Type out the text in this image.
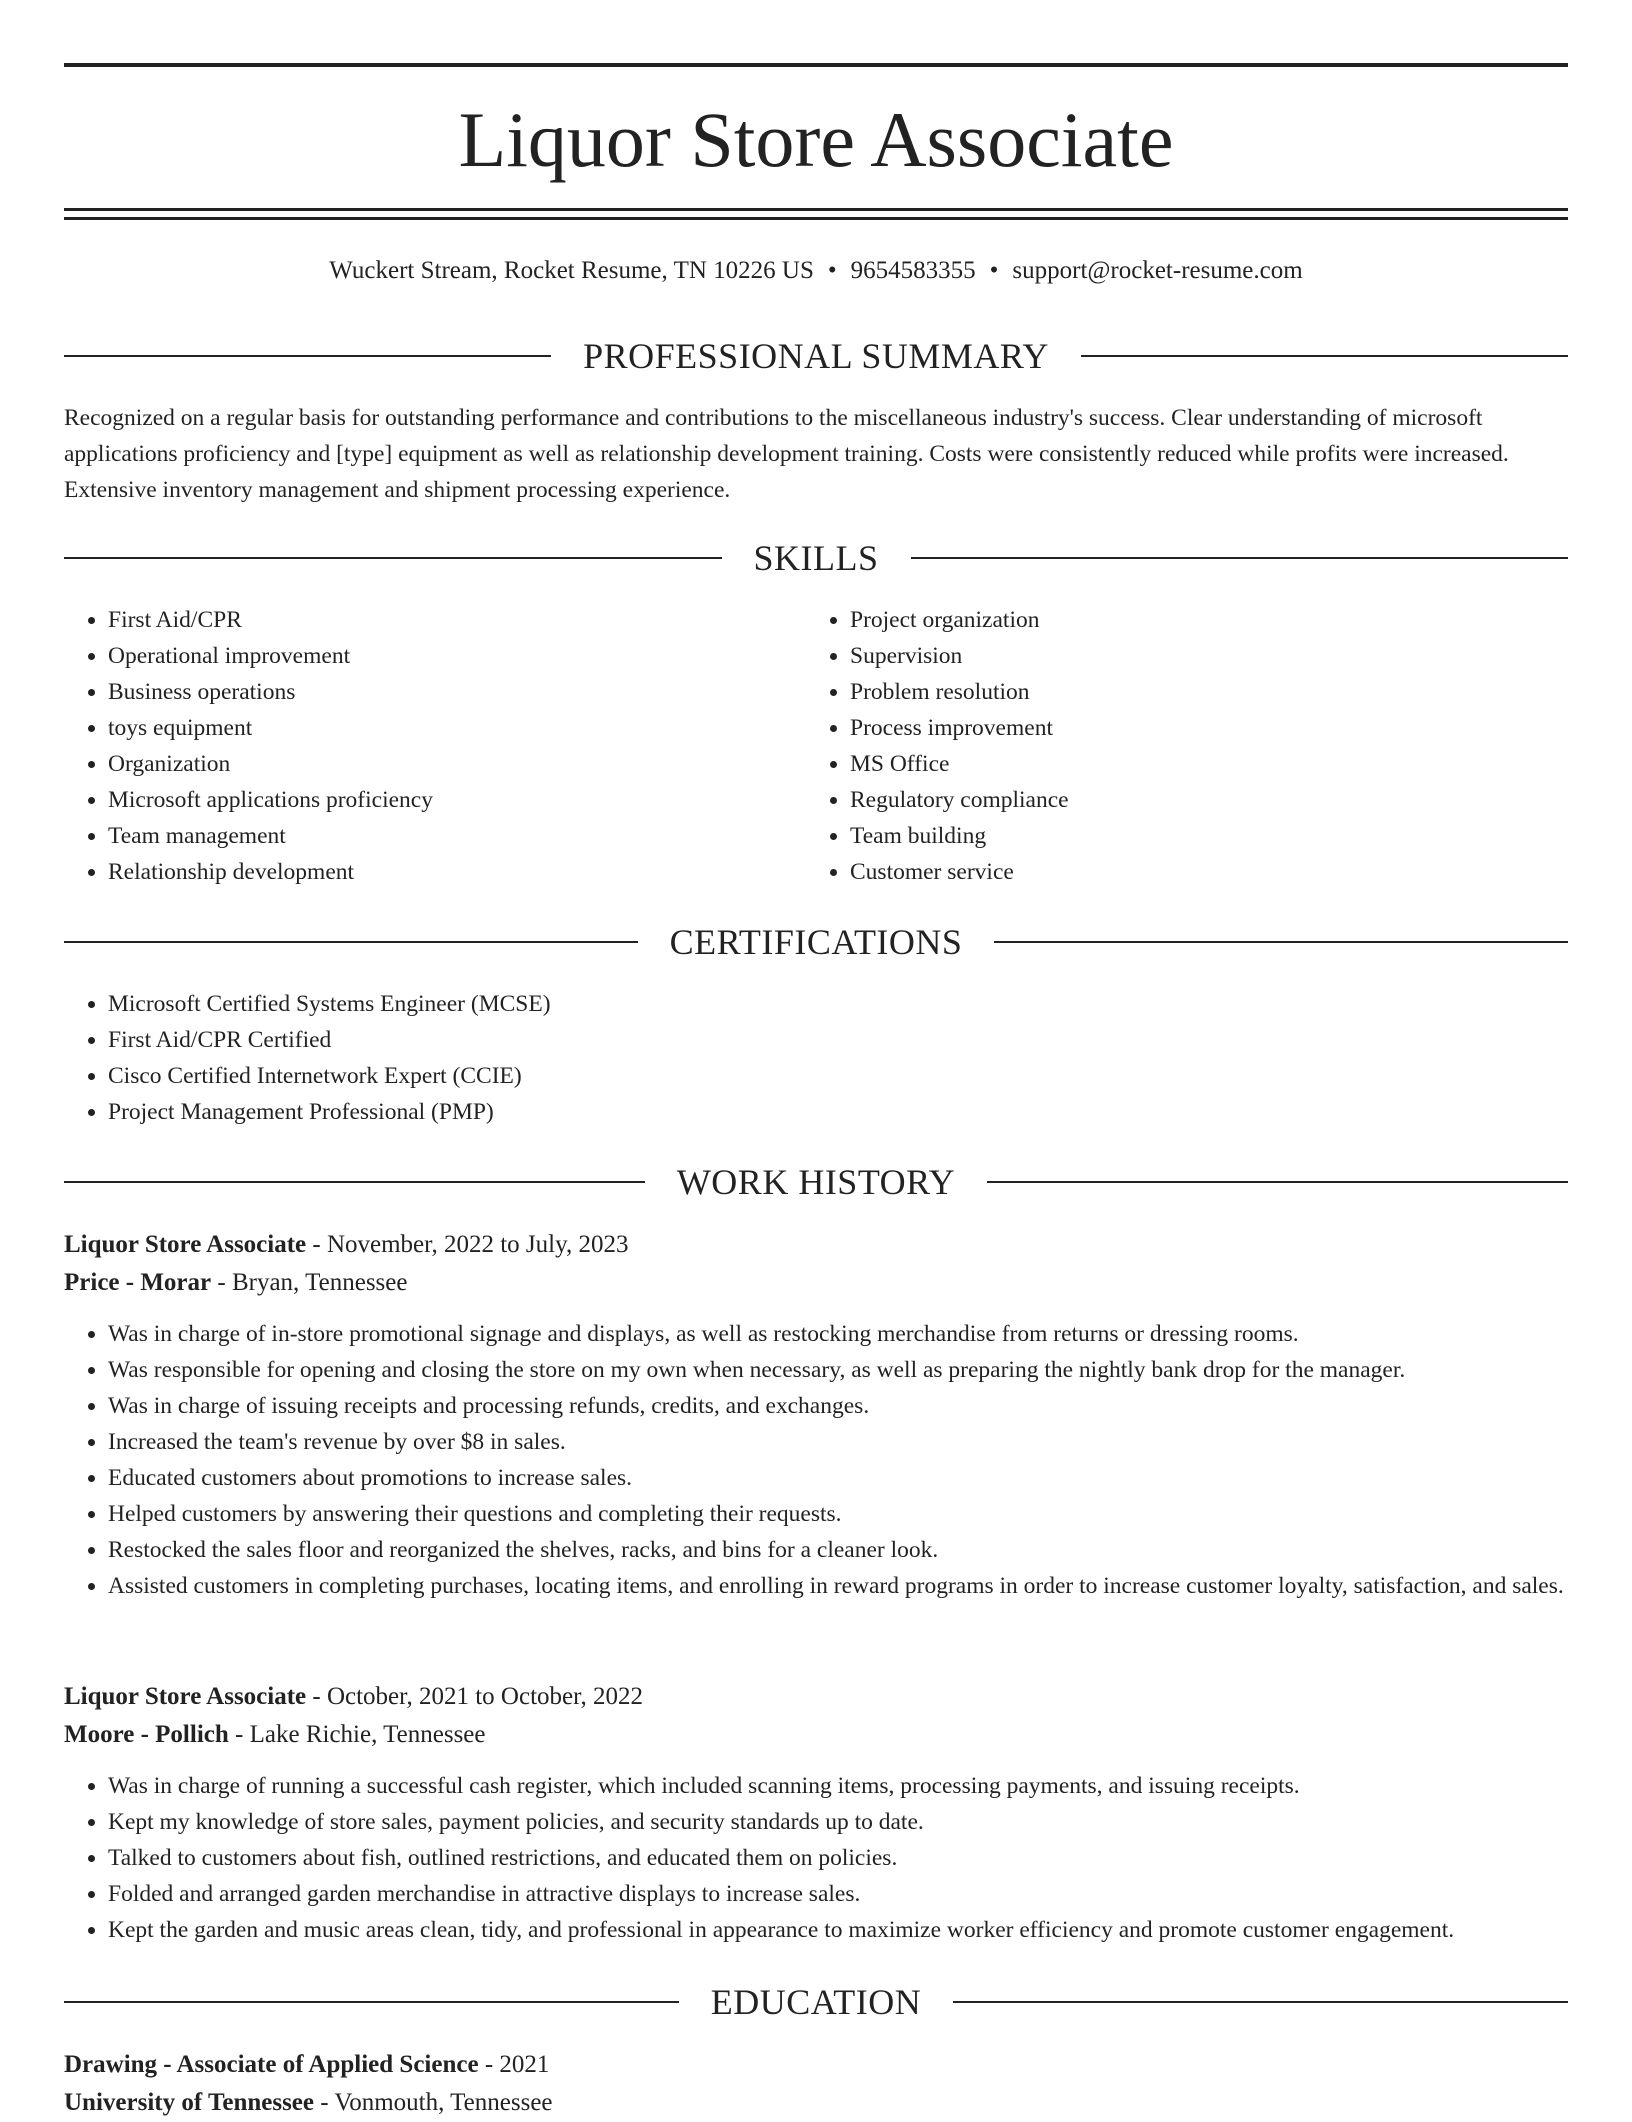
Liquor Store Associate
Wuckert Stream, Rocket Resume, TN 10226 US • 9654583355 • support@rocket-resume.com
PROFESSIONAL SUMMARY

Recognized on a regular basis for outstanding performance and contributions to the miscellaneous industry's success. Clear understanding of microsoft applications proficiency and [type] equipment as well as relationship development training. Costs were consistently reduced while profits were increased. Extensive inventory management and shipment processing experience.

SKILLS
• First Aid/CPR
• Operational improvement
• Business operations
• toys equipment
• Organization
• Microsoft applications proficiency
• Team management
• Relationship development
• Project organization
• Supervision
• Problem resolution
• Process improvement
• MS Office
• Regulatory compliance
• Team building
• Customer service
CERTIFICATIONS
• Microsoft Certified Systems Engineer (MCSE)
• First Aid/CPR Certified
• Cisco Certified Internetwork Expert (CCIE)
• Project Management Professional (PMP)
WORK HISTORY
Liquor Store Associate - November, 2022 to July, 2023
Price - Morar - Bryan, Tennessee
• Was in charge of in-store promotional signage and displays, as well as restocking merchandise from returns or dressing rooms.
• Was responsible for opening and closing the store on my own when necessary, as well as preparing the nightly bank drop for the manager.
• Was in charge of issuing receipts and processing refunds, credits, and exchanges.
• Increased the team's revenue by over $8 in sales.
• Educated customers about promotions to increase sales.
• Helped customers by answering their questions and completing their requests.
• Restocked the sales floor and reorganized the shelves, racks, and bins for a cleaner look.
• Assisted customers in completing purchases, locating items, and enrolling in reward programs in order to increase customer loyalty, satisfaction, and sales.
Liquor Store Associate - October, 2021 to October, 2022
Moore - Pollich - Lake Richie, Tennessee
• Was in charge of running a successful cash register, which included scanning items, processing payments, and issuing receipts.
• Kept my knowledge of store sales, payment policies, and security standards up to date.
• Talked to customers about fish, outlined restrictions, and educated them on policies.
• Folded and arranged garden merchandise in attractive displays to increase sales.
• Kept the garden and music areas clean, tidy, and professional in appearance to maximize worker efficiency and promote customer engagement.
EDUCATION
Drawing - Associate of Applied Science - 2021
University of Tennessee - Vonmouth, Tennessee
